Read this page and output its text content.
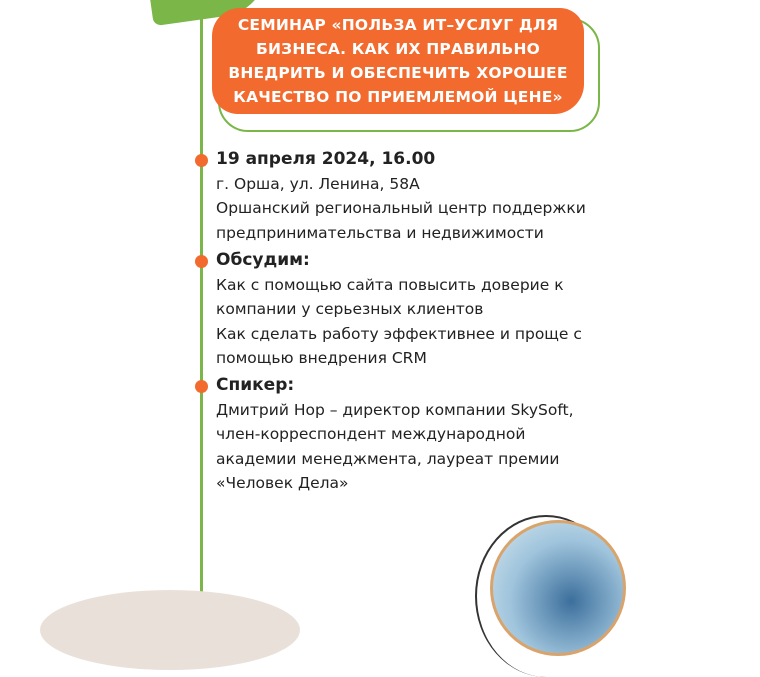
СЕМИНАР «ПОЛЬЗА ИТ–УСЛУГ ДЛЯ
БИЗНЕСА. КАК ИХ ПРАВИЛЬНО
ВНЕДРИТЬ И ОБЕСПЕЧИТЬ ХОРОШЕЕ
КАЧЕСТВО ПО ПРИЕМЛЕМОЙ ЦЕНЕ»
19 апреля 2024, 16.00
г. Орша, ул. Ленина, 58А
Оршанский региональный центр поддержки
предпринимательства и недвижимости
Обсудим:
Как с помощью сайта повысить доверие к
компании у серьезных клиентов
Как сделать работу эффективнее и проще с
помощью внедрения CRM
Спикер:
Дмитрий Нор – директор компании SkySoft,
член-корреспондент международной
академии менеджмента, лауреат премии
«Человек Дела»
